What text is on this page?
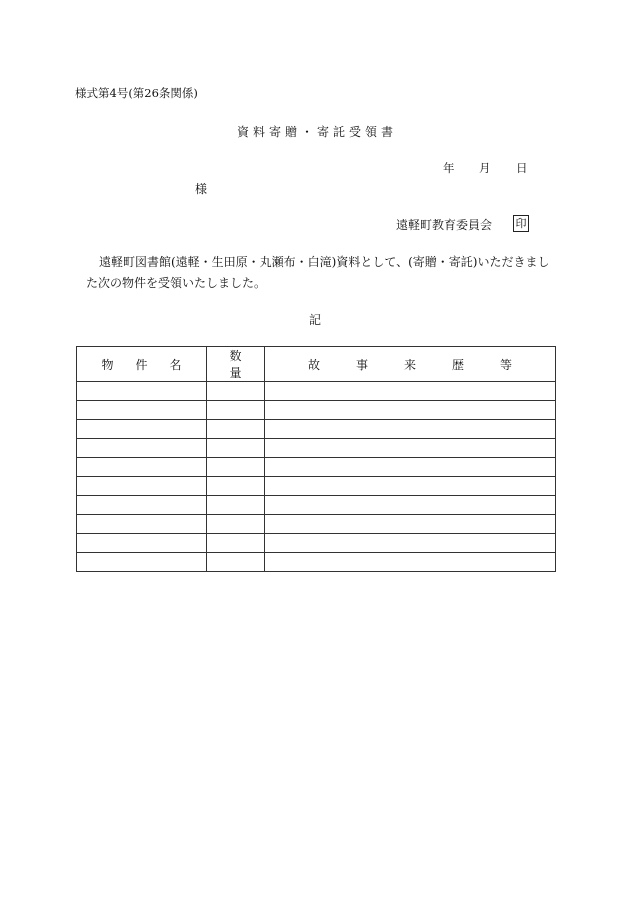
様式第4号(第26条関係)
資料寄贈・寄託受領書
年 月 日
様
遠軽町教育委員会 印
遠軽町図書館(遠軽・生田原・丸瀬布・白滝)資料として、(寄贈・寄託)いただきまし
た次の物件を受領いたしました。
記
物件名	数量	故事来歴等
